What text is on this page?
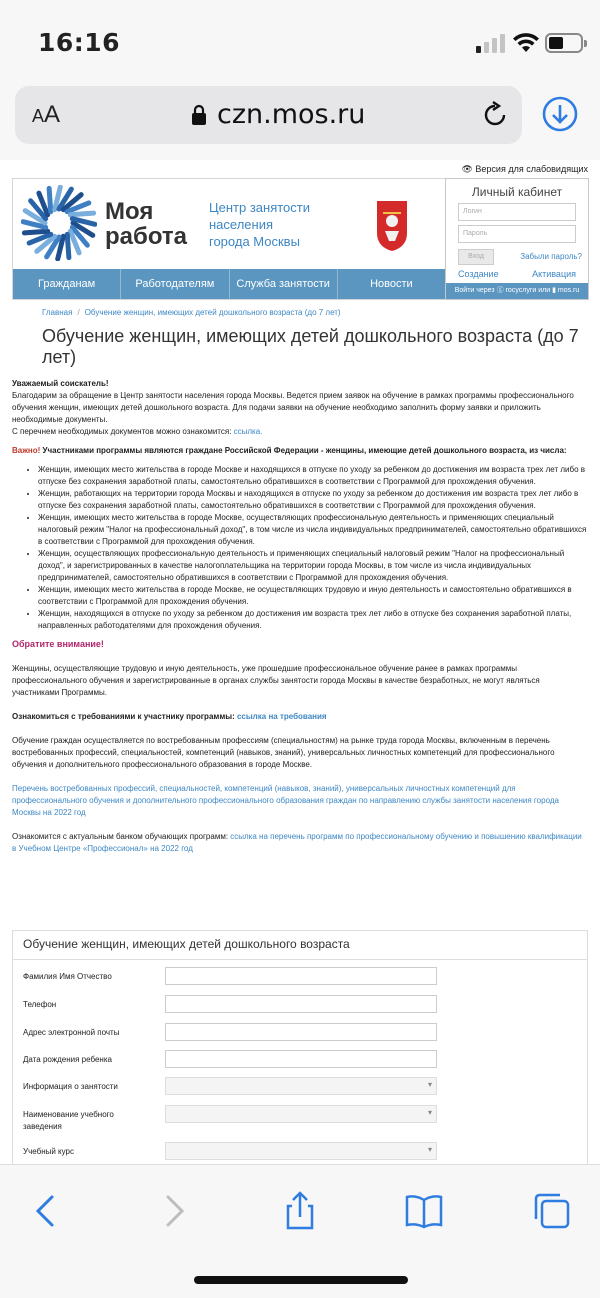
16:16
AA	czn.mos.ru
👁 Версия для слабовидящих
Моя
работа
Центр занятости
населения
города Москвы
Гражданам	Работодателям	Служба занятости	Новости
Личный кабинет
Логин
Пароль
Вход	Забыли пароль?
Создание	Активация
Войти через ⓖ госуслуги или ▮ mos.ru
Главная / Обучение женщин, имеющих детей дошкольного возраста (до 7 лет)
Обучение женщин, имеющих детей дошкольного возраста (до 7 лет)

Уважаемый соискатель!
Благодарим за обращение в Центр занятости населения города Москвы. Ведется прием заявок на обучение в рамках программы профессионального обучения женщин, имеющих детей дошкольного возраста. Для подачи заявки на обучение необходимо заполнить форму заявки и приложить необходимые документы.
С перечнем необходимых документов можно ознакомится: ссылка.

Важно! Участниками программы являются граждане Российской Федерации - женщины, имеющие детей дошкольного возраста, из числа:

• Женщин, имеющих место жительства в городе Москве и находящихся в отпуске по уходу за ребенком до достижения им возраста трех лет либо в отпуске без сохранения заработной платы, самостоятельно обратившихся в соответствии с Программой для прохождения обучения.
• Женщин, работающих на территории города Москвы и находящихся в отпуске по уходу за ребенком до достижения им возраста трех лет либо в отпуске без сохранения заработной платы, самостоятельно обратившихся в соответствии с Программой для прохождения обучения.
• Женщин, имеющих место жительства в городе Москве, осуществляющих профессиональную деятельность и применяющих специальный налоговый режим "Налог на профессиональный доход", в том числе из числа индивидуальных предпринимателей, самостоятельно обратившихся в соответствии с Программой для прохождения обучения.
• Женщин, осуществляющих профессиональную деятельность и применяющих специальный налоговый режим "Налог на профессиональный доход", и зарегистрированных в качестве налогоплательщика на территории города Москвы, в том числе из числа индивидуальных предпринимателей, самостоятельно обратившихся в соответствии с Программой для прохождения обучения.
• Женщин, имеющих место жительства в городе Москве, не осуществляющих трудовую и иную деятельность и самостоятельно обратившихся в соответствии с Программой для прохождения обучения.
• Женщин, находящихся в отпуске по уходу за ребенком до достижения им возраста трех лет либо в отпуске без сохранения заработной платы, направленных работодателями для прохождения обучения.

Обратите внимание!

Женщины, осуществляющие трудовую и иную деятельность, уже прошедшие профессиональное обучение ранее в рамках программы профессионального обучения и зарегистрированные в органах службы занятости города Москвы в качестве безработных, не могут являться участниками Программы.

Ознакомиться с требованиями к участнику программы: ссылка на требования

Обучение граждан осуществляется по востребованным профессиям (специальностям) на рынке труда города Москвы, включенным в перечень востребованных профессий, специальностей, компетенций (навыков, знаний), универсальных личностных компетенций для профессионального обучения и дополнительного профессионального образования в городе Москве.

Перечень востребованных профессий, специальностей, компетенций (навыков, знаний), универсальных личностных компетенций для профессионального обучения и дополнительного профессионального образования граждан по направлению службы занятости населения города Москвы на 2022 год

Ознакомится с актуальным банком обучающих программ: ссылка на перечень программ по профессиональному обучению и повышению квалификации в Учебном Центре «Профессионал» на 2022 год

Обучение женщин, имеющих детей дошкольного возраста
Фамилия Имя Отчество
Телефон
Адрес электронной почты
Дата рождения ребенка
Информация о занятости
▾
Наименование учебного заведения
▾
Учебный курс
▾
